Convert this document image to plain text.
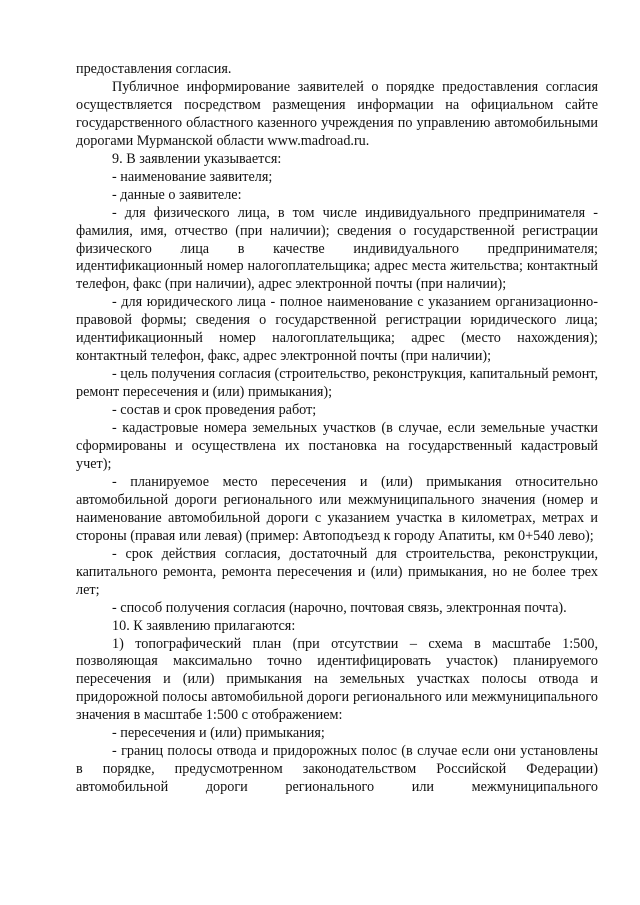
предоставления согласия.

Публичное информирование заявителей о порядке предоставления согласия осуществляется посредством размещения информации на официальном сайте государственного областного казенного учреждения по управлению автомобильными дорогами Мурманской области www.madroad.ru.

9. В заявлении указывается:

- наименование заявителя;

- данные о заявителе:

- для физического лица, в том числе индивидуального предпринимателя - фамилия, имя, отчество (при наличии); сведения о государственной регистрации физического лица в качестве индивидуального предпринимателя; идентификационный номер налогоплательщика; адрес места жительства; контактный телефон, факс (при наличии), адрес электронной почты (при наличии);

- для юридического лица - полное наименование с указанием организационно-правовой формы; сведения о государственной регистрации юридического лица; идентификационный номер налогоплательщика; адрес (место нахождения); контактный телефон, факс, адрес электронной почты (при наличии);

- цель получения согласия (строительство, реконструкция, капитальный ремонт, ремонт пересечения и (или) примыкания);

- состав и срок проведения работ;

- кадастровые номера земельных участков (в случае, если земельные участки сформированы и осуществлена их постановка на государственный кадастровый учет);

- планируемое место пересечения и (или) примыкания относительно автомобильной дороги регионального или межмуниципального значения (номер и наименование автомобильной дороги с указанием участка в километрах, метрах и стороны (правая или левая) (пример: Автоподъезд к городу Апатиты, км 0+540 лево);

- срок действия согласия, достаточный для строительства, реконструкции, капитального ремонта, ремонта пересечения и (или) примыкания, но не более трех лет;

- способ получения согласия (нарочно, почтовая связь, электронная почта).

10. К заявлению прилагаются:

1) топографический план (при отсутствии – схема в масштабе 1:500, позволяющая максимально точно идентифицировать участок) планируемого пересечения и (или) примыкания на земельных участках полосы отвода и придорожной полосы автомобильной дороги регионального или межмуниципального значения в масштабе 1:500 с отображением:

- пересечения и (или) примыкания;

- границ полосы отвода и придорожных полос (в случае если они установлены в порядке, предусмотренном законодательством Российской Федерации) автомобильной дороги регионального или межмуниципального
